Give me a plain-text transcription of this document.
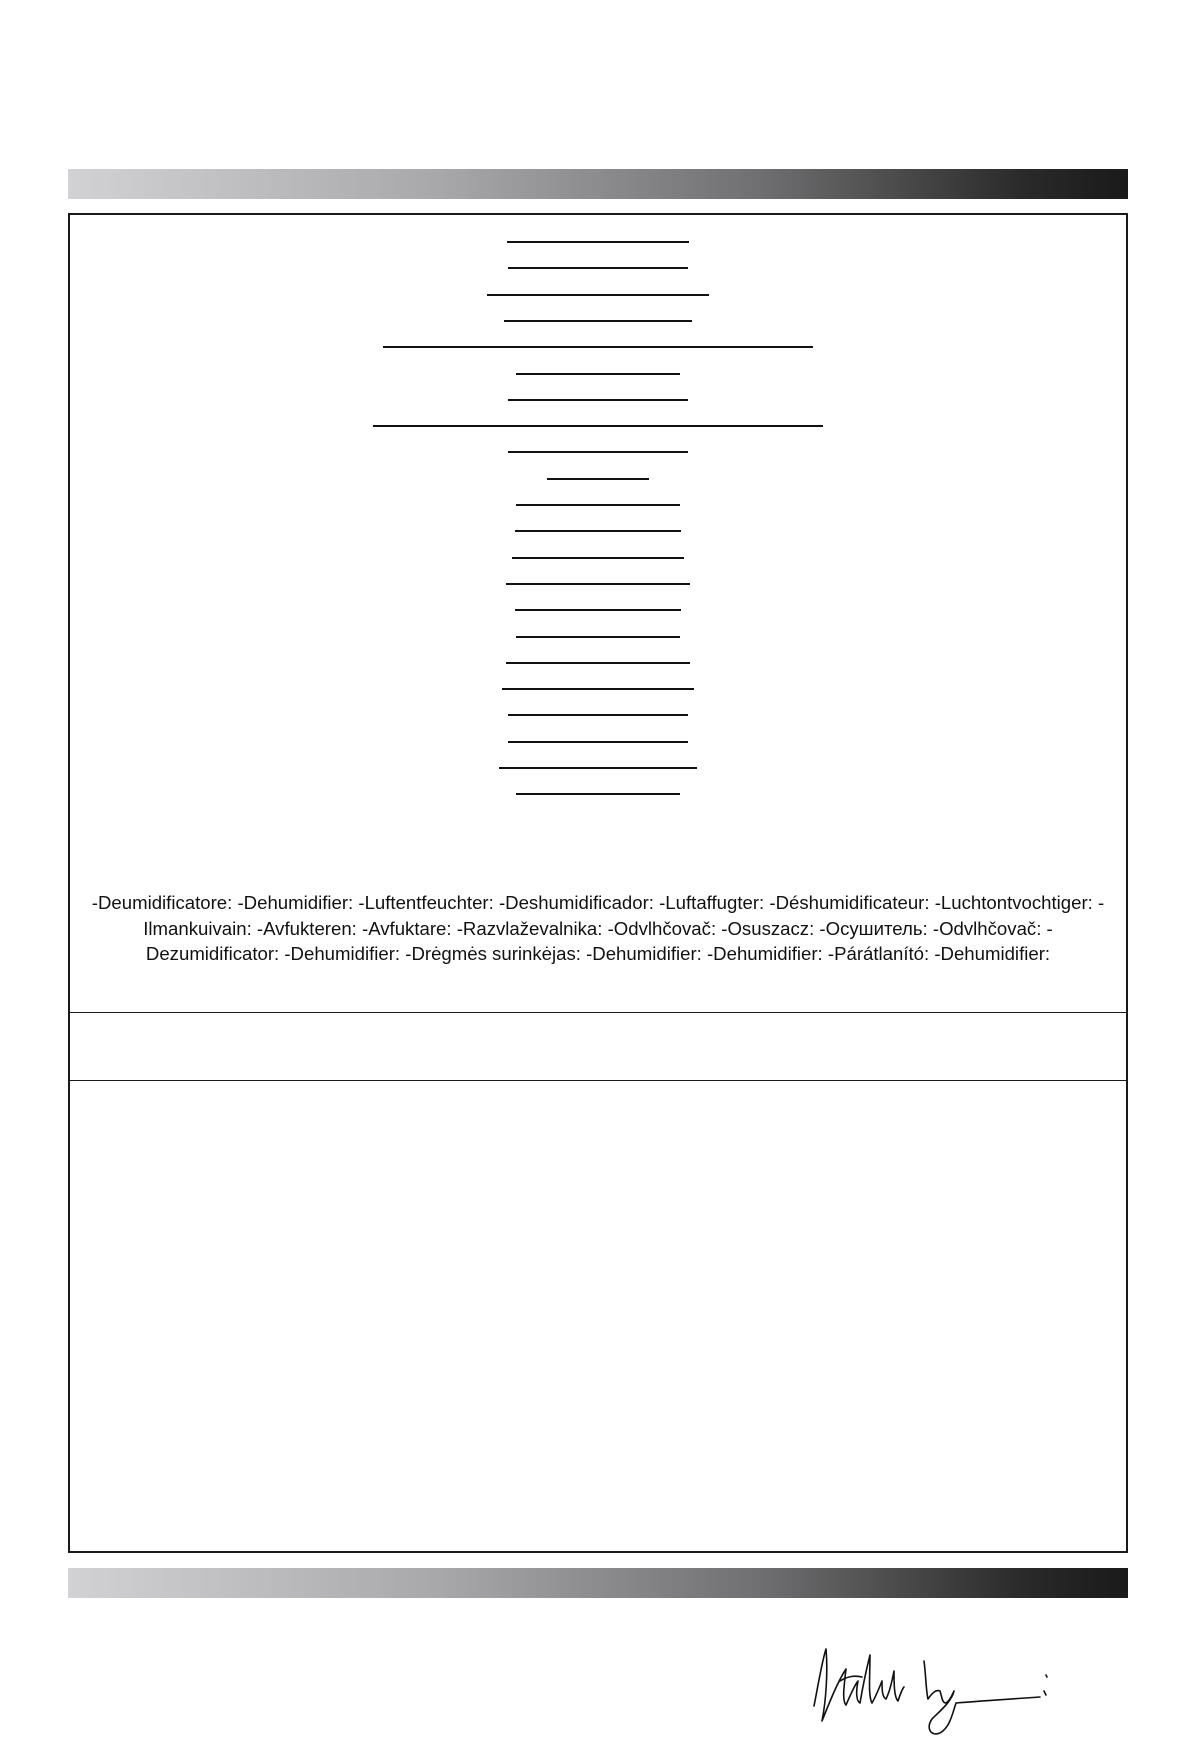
-Deumidificatore: -Dehumidifier: -Luftentfeuchter: -Deshumidificador: -Luftaffugter: -Déshumidificateur: -Luchtontvochtiger: -Ilmankuivain: -Avfukteren: -Avfuktare: -Razvlaževalnika: -Odvlhčovač: -Osuszacz: -Осушитель: -Odvlhčovač: -Dezumidificator: -Dehumidifier: -Drėgmės surinkėjas: -Dehumidifier: -Dehumidifier: -Párátlanító: -Dehumidifier:
